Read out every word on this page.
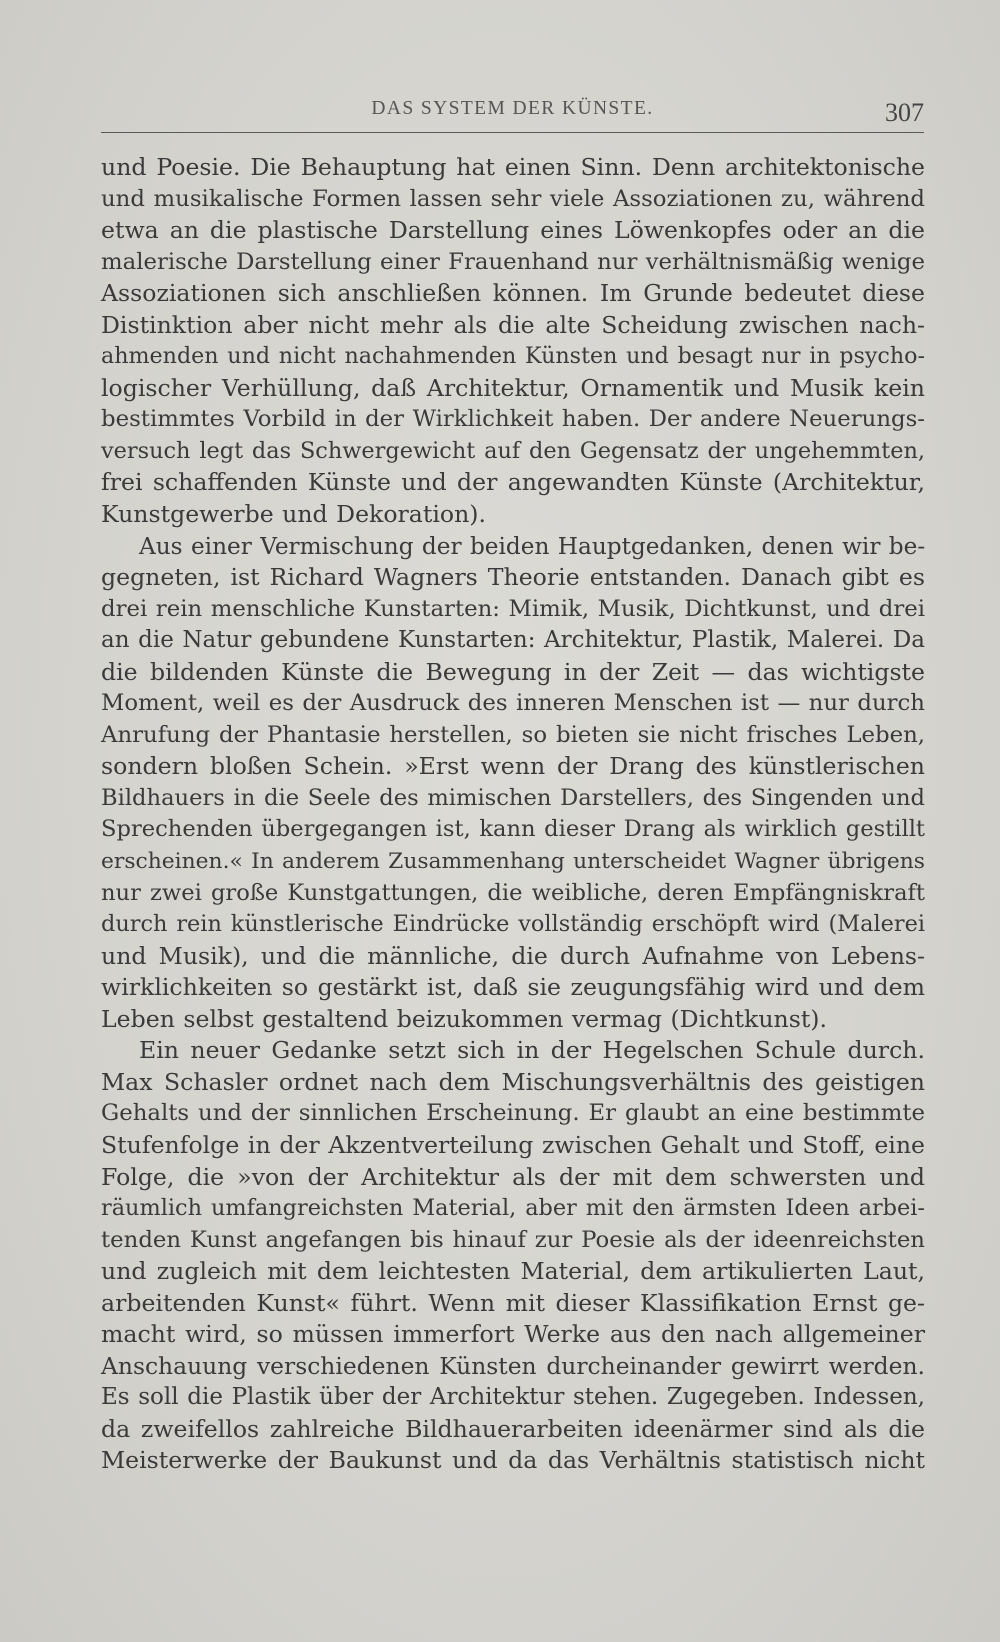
DAS SYSTEM DER KÜNSTE.	307
und Poesie. Die Behauptung hat einen Sinn. Denn architektonische
und musikalische Formen lassen sehr viele Assoziationen zu, während
etwa an die plastische Darstellung eines Löwenkopfes oder an die
malerische Darstellung einer Frauenhand nur verhältnismäßig wenige
Assoziationen sich anschließen können. Im Grunde bedeutet diese
Distinktion aber nicht mehr als die alte Scheidung zwischen nach-
ahmenden und nicht nachahmenden Künsten und besagt nur in psycho-
logischer Verhüllung, daß Architektur, Ornamentik und Musik kein
bestimmtes Vorbild in der Wirklichkeit haben. Der andere Neuerungs-
versuch legt das Schwergewicht auf den Gegensatz der ungehemmten,
frei schaffenden Künste und der angewandten Künste (Architektur,
Kunstgewerbe und Dekoration).
Aus einer Vermischung der beiden Hauptgedanken, denen wir be-
gegneten, ist Richard Wagners Theorie entstanden. Danach gibt es
drei rein menschliche Kunstarten: Mimik, Musik, Dichtkunst, und drei
an die Natur gebundene Kunstarten: Architektur, Plastik, Malerei. Da
die bildenden Künste die Bewegung in der Zeit — das wichtigste
Moment, weil es der Ausdruck des inneren Menschen ist — nur durch
Anrufung der Phantasie herstellen, so bieten sie nicht frisches Leben,
sondern bloßen Schein. »Erst wenn der Drang des künstlerischen
Bildhauers in die Seele des mimischen Darstellers, des Singenden und
Sprechenden übergegangen ist, kann dieser Drang als wirklich gestillt
erscheinen.« In anderem Zusammenhang unterscheidet Wagner übrigens
nur zwei große Kunstgattungen, die weibliche, deren Empfängniskraft
durch rein künstlerische Eindrücke vollständig erschöpft wird (Malerei
und Musik), und die männliche, die durch Aufnahme von Lebens-
wirklichkeiten so gestärkt ist, daß sie zeugungsfähig wird und dem
Leben selbst gestaltend beizukommen vermag (Dichtkunst).
Ein neuer Gedanke setzt sich in der Hegelschen Schule durch.
Max Schasler ordnet nach dem Mischungsverhältnis des geistigen
Gehalts und der sinnlichen Erscheinung. Er glaubt an eine bestimmte
Stufenfolge in der Akzentverteilung zwischen Gehalt und Stoff, eine
Folge, die »von der Architektur als der mit dem schwersten und
räumlich umfangreichsten Material, aber mit den ärmsten Ideen arbei-
tenden Kunst angefangen bis hinauf zur Poesie als der ideenreichsten
und zugleich mit dem leichtesten Material, dem artikulierten Laut,
arbeitenden Kunst« führt. Wenn mit dieser Klassifikation Ernst ge-
macht wird, so müssen immerfort Werke aus den nach allgemeiner
Anschauung verschiedenen Künsten durcheinander gewirrt werden.
Es soll die Plastik über der Architektur stehen. Zugegeben. Indessen,
da zweifellos zahlreiche Bildhauerarbeiten ideenärmer sind als die
Meisterwerke der Baukunst und da das Verhältnis statistisch nicht
